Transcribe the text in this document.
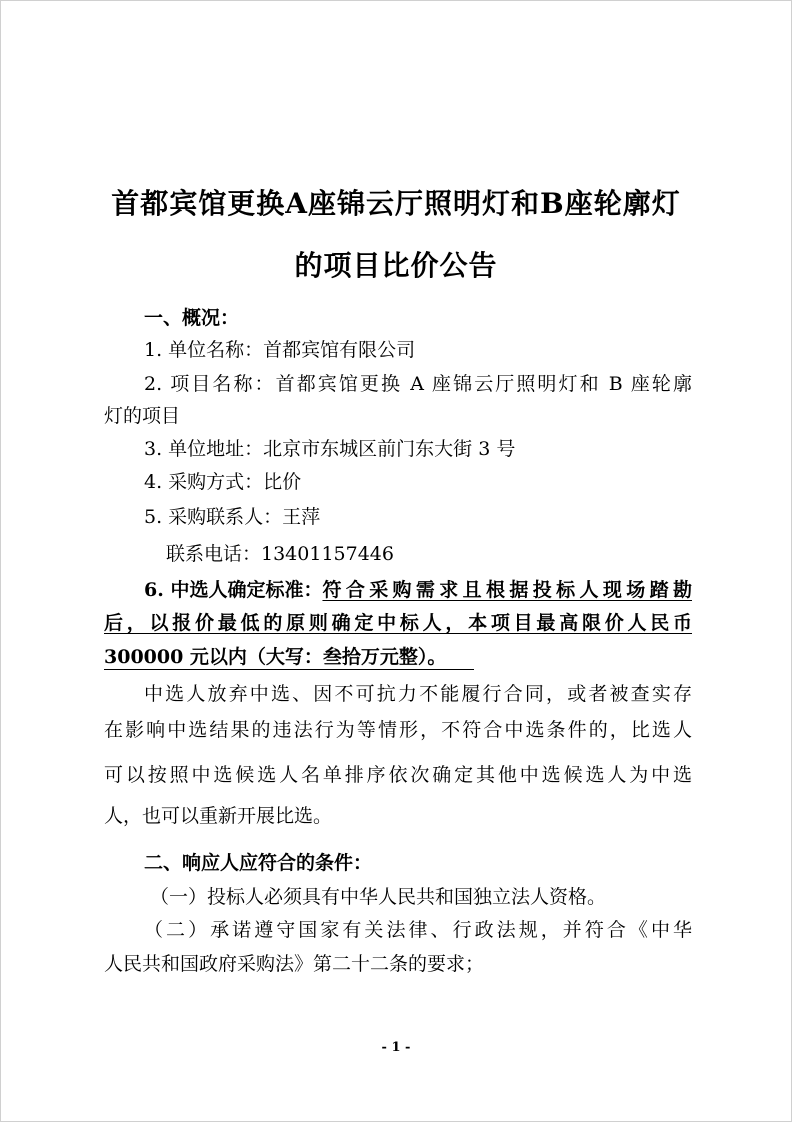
首都宾馆更换A座锦云厅照明灯和B座轮廓灯
的项目比价公告
一、概况：
1. 单位名称：首都宾馆有限公司
2. 项目名称：首都宾馆更换 A 座锦云厅照明灯和 B 座轮廓
灯的项目
3. 单位地址：北京市东城区前门东大街 3 号
4. 采购方式：比价
5. 采购联系人：王萍
联系电话：13401157446
6. 中选人确定标准： 符合采购需求且根据投标人现场踏勘
后，以报价最低的原则确定中标人，本项目最高限价人民币
300000 元以内（大写：叁拾万元整）。
中选人放弃中选、因不可抗力不能履行合同，或者被查实存
在影响中选结果的违法行为等情形，不符合中选条件的，比选人
可以按照中选候选人名单排序依次确定其他中选候选人为中选
人，也可以重新开展比选。
二、响应人应符合的条件：
（一）投标人必须具有中华人民共和国独立法人资格。
（二）承诺遵守国家有关法律、行政法规，并符合《中华
人民共和国政府采购法》第二十二条的要求；
- 1 -
